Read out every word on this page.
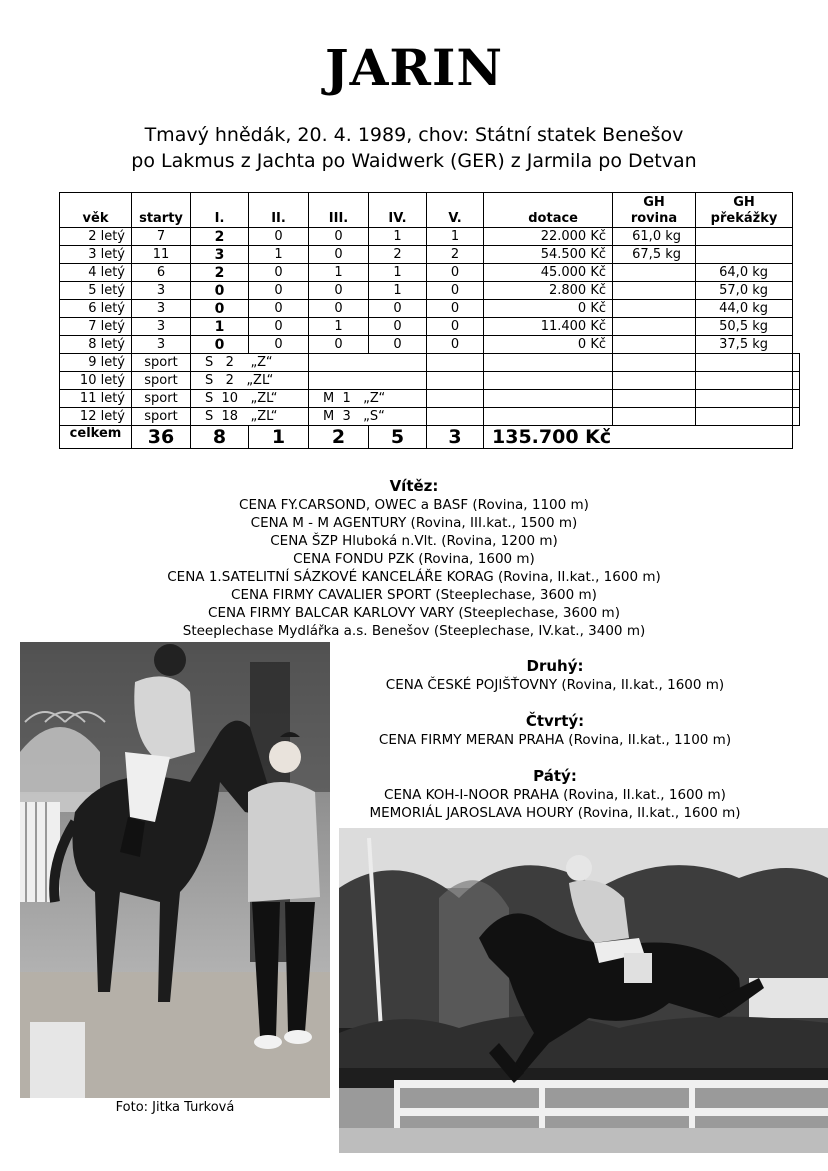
JARIN
Tmavý hnědák, 20. 4. 1989, chov: Státní statek Benešov
po Lakmus z Jachta po Waidwerk (GER) z Jarmila po Detvan
věk	starty	I.	II.	III.	IV.	V.	dotace	GH rovina	GH překážky	
2 letý	7	2	0	0	1	1	22.000 Kč	61,0 kg		
3 letý	11	3	1	0	2	2	54.500 Kč	67,5 kg		
4 letý	6	2	0	1	1	0	45.000 Kč		64,0 kg	
5 letý	3	0	0	0	1	0	2.800 Kč		57,0 kg	
6 letý	3	0	0	0	0	0	0 Kč		44,0 kg	
7 letý	3	1	0	1	0	0	11.400 Kč		50,5 kg	
8 letý	3	0	0	0	0	0	0 Kč		37,5 kg	
9 letý	sport	S   2    „Z“								
10 letý	sport	S   2   „ZL“								
11 letý	sport	S  10   „ZL“		M  1   „Z“						
12 letý	sport	S  18   „ZL“		M  3   „S“						
celkem	36	8	1	2	5	3	135.700 Kč			
Vítěz:
CENA FY.CARSOND, OWEC a BASF (Rovina, 1100 m)
CENA M - M AGENTURY (Rovina, III.kat., 1500 m)
CENA ŠZP Hluboká n.Vlt. (Rovina, 1200 m)
CENA FONDU PZK (Rovina, 1600 m)
CENA 1.SATELITNÍ SÁZKOVÉ KANCELÁŘE KORAG (Rovina, II.kat., 1600 m)
CENA FIRMY CAVALIER SPORT (Steeplechase, 3600 m)
CENA FIRMY BALCAR KARLOVY VARY (Steeplechase, 3600 m)
Steeplechase Mydlářka a.s. Benešov (Steeplechase, IV.kat., 3400 m)
Druhý:
CENA ČESKÉ POJIŠŤOVNY (Rovina, II.kat., 1600 m)
Čtvrtý:
CENA FIRMY MERAN PRAHA (Rovina, II.kat., 1100 m)
Pátý:
CENA KOH-I-NOOR PRAHA (Rovina, II.kat., 1600 m)
MEMORIÁL JAROSLAVA HOURY (Rovina, II.kat., 1600 m)
Foto: Jitka Turková
